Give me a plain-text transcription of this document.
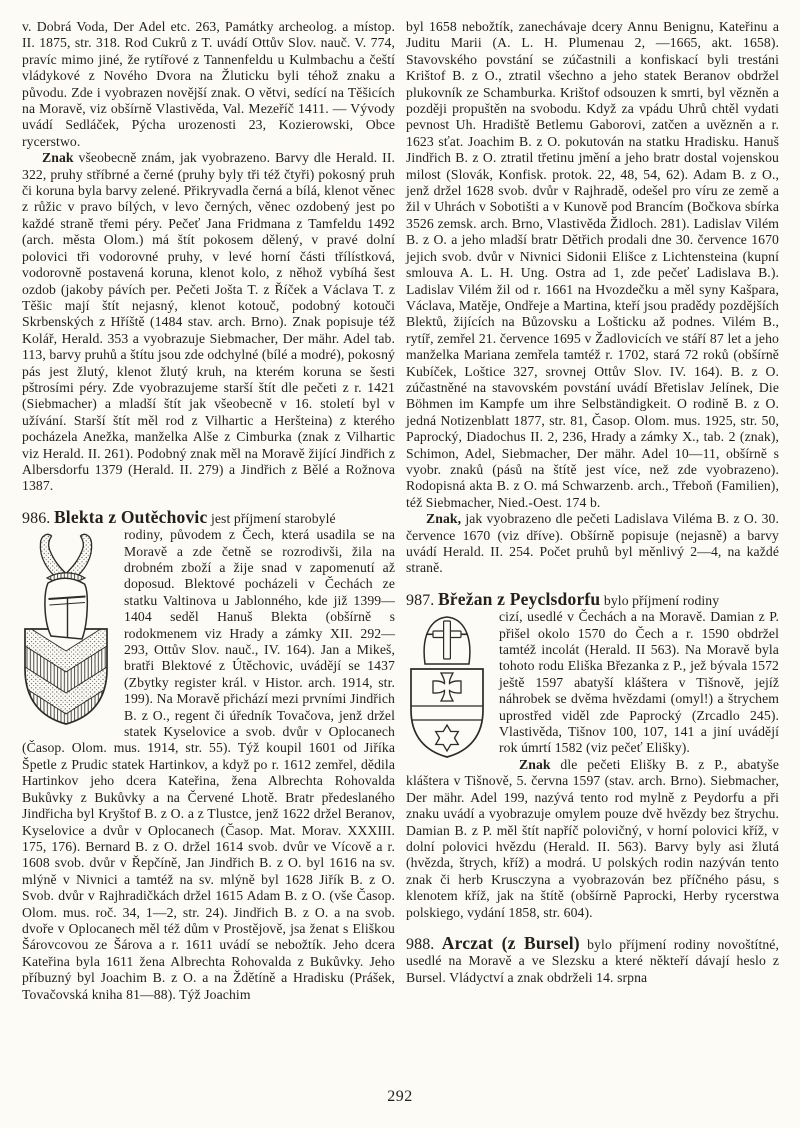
v. Dobrá Voda, Der Adel etc. 263, Památky archeolog. a místop. II. 1875, str. 318. Rod Cukrů z T. uvádí Ottův Slov. nauč. V. 774, pravíc mimo jiné, že rytířové z Tannenfeldu u Kulmbachu a čeští vládykové z Nového Dvora na Žluticku byli téhož znaku a původu. Zde i vyobrazen novější znak. O větvi, sedící na Těšicích na Moravě, viz obšírně Vlastivěda, Val. Mezeříč 1411. — Vývody uvádí Sedláček, Pýcha urozenosti 23, Kozierowski, Obce rycerstwo.

Znak všeobecně znám, jak vyobrazeno. Barvy dle Herald. II. 322, pruhy stříbrné a černé (pruhy byly tři též čtyři) pokosný pruh či koruna byla barvy zelené. Přikryvadla černá a bílá, klenot věnec z růžic v pravo bílých, v levo černých, věnec ozdobený jest po každé straně třemi péry. Pečeť Jana Fridmana z Tamfeldu 1492 (arch. města Olom.) má štít pokosem dělený, v pravé dolní polovici tři vodorovné pruhy, v levé horní části třílístková, vodorovně postavená koruna, klenot kolo, z něhož vybíhá šest ozdob (jakoby pávích per. Pečeti Jošta T. z Říček a Václava T. z Těšic mají štít nejasný, klenot kotouč, podobný kotouči Skrbenských z Hříště (1484 stav. arch. Brno). Znak popisuje též Kolář, Herald. 353 a vyobrazuje Siebmacher, Der mähr. Adel tab. 113, barvy pruhů a štítu jsou zde odchylné (bílé a modré), pokosný pás jest žlutý, klenot žlutý kruh, na kterém koruna se šesti pštrosími péry. Zde vyobrazujeme starší štít dle pečeti z r. 1421 (Siebmacher) a mladší štít jak všeobecně v 16. století byl v užívání. Starší štít měl rod z Vilhartic a Heršteina) z kterého pocházela Anežka, manželka Alše z Cimburka (znak z Vilhartic viz Herald. II. 261). Podobný znak měl na Moravě žijící Jindřich z Albersdorfu 1379 (Herald. II. 279) a Jindřich z Bělé a Rožnova 1387.

986. Blekta z Outěchovic jest příjmení starobylé

rodiny, původem z Čech, která usadila se na Moravě a zde četně se rozrodivši, žila na drobném zboží a žije snad v zapomenutí až doposud. Blektové pocházeli v Čechách ze statku Valtinova u Jablonného, kde již 1399—1404 seděl Hanuš Blekta (obšírně s rodokmenem viz Hrady a zámky XII. 292—293, Ottův Slov. nauč., IV. 164). Jan a Mikeš, bratři Blektové z Útěchovic, uvádějí se 1437 (Zbytky register král. v Histor. arch. 1914, str. 199). Na Moravě přichází mezi prvními Jindřich B. z O., regent či úředník Tovačova, jenž držel statek Kyselovice a svob. dvůr v Oplocanech (Časop. Olom. mus. 1914, str. 55). Týž koupil 1601 od Jiříka Špetle z Prudic statek Hartinkov, a když po r. 1612 zemřel, dědila Hartinkov jeho dcera Kateřina, žena Albrechta Rohovalda Bukůvky z Bukůvky a na Červené Lhotě. Bratr předeslaného Jindřicha byl Kryštof B. z O. a z Tlustce, jenž 1622 držel Beranov, Kyselovice a dvůr v Oplocanech (Časop. Mat. Morav. XXXIII. 175, 176). Bernard B. z O. držel 1614 svob. dvůr ve Vícově a r. 1608 svob. dvůr v Řepčíně, Jan Jindřich B. z O. byl 1616 na sv. mlýně v Nivnici a tamtéž na sv. mlýně byl 1628 Jiřík B. z O. Svob. dvůr v Rajhradičkách držel 1615 Adam B. z O. (vše Časop. Olom. mus. roč. 34, 1—2, str. 24). Jindřich B. z O. a na svob. dvoře v Oplocanech měl též dům v Prostějově, jsa ženat s Eliškou Šárovcovou ze Šárova a r. 1611 uvádí se nebožtík. Jeho dcera Kateřina byla 1611 žena Albrechta Rohovalda z Bukůvky. Jeho příbuzný byl Joachim B. z O. a na Ždětíně a Hradisku (Prášek, Tovačovská kniha 81—88). Týž Joachim

byl 1658 nebožtík, zanechávaje dcery Annu Benignu, Kateřinu a Juditu Marii (A. L. H. Plumenau 2, —1665, akt. 1658). Stavovského povstání se zúčastnili a konfiskací byli trestáni Krištof B. z O., ztratil všechno a jeho statek Beranov obdržel plukovník ze Schamburka. Krištof odsouzen k smrti, byl vězněn a později propuštěn na svobodu. Když za vpádu Uhrů chtěl vydati pevnost Uh. Hradiště Betlemu Gaborovi, zatčen a uvězněn a r. 1623 sťat. Joachim B. z O. pokutován na statku Hradisku. Hanuš Jindřich B. z O. ztratil třetinu jmění a jeho bratr dostal vojenskou milost (Slovák, Konfisk. protok. 22, 48, 54, 62). Adam B. z O., jenž držel 1628 svob. dvůr v Rajhradě, odešel pro víru ze země a žil v Uhrách v Sobotišti a v Kunově pod Brancím (Bočkova sbírka 3526 zemsk. arch. Brno, Vlastivěda Židloch. 281). Ladislav Vilém B. z O. a jeho mladší bratr Dětřich prodali dne 30. července 1670 jejich svob. dvůr v Nivnici Sidonii Elišce z Lichtensteina (kupní smlouva A. L. H. Ung. Ostra ad 1, zde pečeť Ladislava B.). Ladislav Vilém žil od r. 1661 na Hvozdečku a měl syny Kašpara, Václava, Matěje, Ondřeje a Martina, kteří jsou pradědy pozdějších Blektů, žijících na Bůzovsku a Lošticku až podnes. Vilém B., rytíř, zemřel 21. července 1695 v Žadlovicích ve stáří 87 let a jeho manželka Mariana zemřela tamtéž r. 1702, stará 72 roků (obšírně Kubíček, Loštice 327, srovnej Ottův Slov. IV. 164). B. z O. zúčastněné na stavovském povstání uvádí Břetislav Jelínek, Die Böhmen im Kampfe um ihre Selbständigkeit. O rodině B. z O. jedná Notizenblatt 1877, str. 81, Časop. Olom. mus. 1925, str. 50, Paprocký, Diadochus II. 2, 236, Hrady a zámky X., tab. 2 (znak), Schimon, Adel, Siebmacher, Der mähr. Adel 10—11, obšírně s vyobr. znaků (pásů na štítě jest více, než zde vyobrazeno). Rodopisná akta B. z O. má Schwarzenb. arch., Třeboň (Familien), též Siebmacher, Nied.-Oest. 174 b.

Znak, jak vyobrazeno dle pečeti Ladislava Viléma B. z O. 30. července 1670 (viz dříve). Obšírně popisuje (nejasně) a barvy uvádí Herald. II. 254. Počet pruhů byl měnlivý 2—4, na každé straně.

987. Břežan z Peyclsdorfu bylo příjmení rodiny

cizí, usedlé v Čechách a na Moravě. Damian z P. přišel okolo 1570 do Čech a r. 1590 obdržel tamtéž incolát (Herald. II 563). Na Moravě byla tohoto rodu Eliška Březanka z P., jež bývala 1572 ještě 1597 abatyší kláštera v Tišnově, jejíž náhrobek se dvěma hvězdami (omyl!) a štrychem uprostřed viděl zde Paprocký (Zrcadlo 245). Vlastivěda, Tišnov 100, 107, 141 a jiní uvádějí rok úmrtí 1582 (viz pečeť Elišky).

Znak dle pečeti Elišky B. z P., abatyše kláštera v Tišnově, 5. června 1597 (stav. arch. Brno). Siebmacher, Der mähr. Adel 199, nazývá tento rod mylně z Peydorfu a při znaku uvádí a vyobrazuje omylem pouze dvě hvězdy bez štrychu. Damian B. z P. měl štít napříč polovičný, v horní polovici kříž, v dolní polovici hvězdu (Herald. II. 563). Barvy byly asi žlutá (hvězda, štrych, kříž) a modrá. U polských rodin nazýván tento znak či herb Krusczyna a vyobrazován bez příčného pásu, s klenotem kříž, jak na štítě (obšírně Paprocki, Herby rycerstwa polskiego, vydání 1858, str. 604).

988. Arczat (z Bursel) bylo příjmení rodiny novoštítné, usedlé na Moravě a ve Slezsku a které někteří dávají heslo z Bursel. Vládyctví a znak obdrželi 14. srpna

292
